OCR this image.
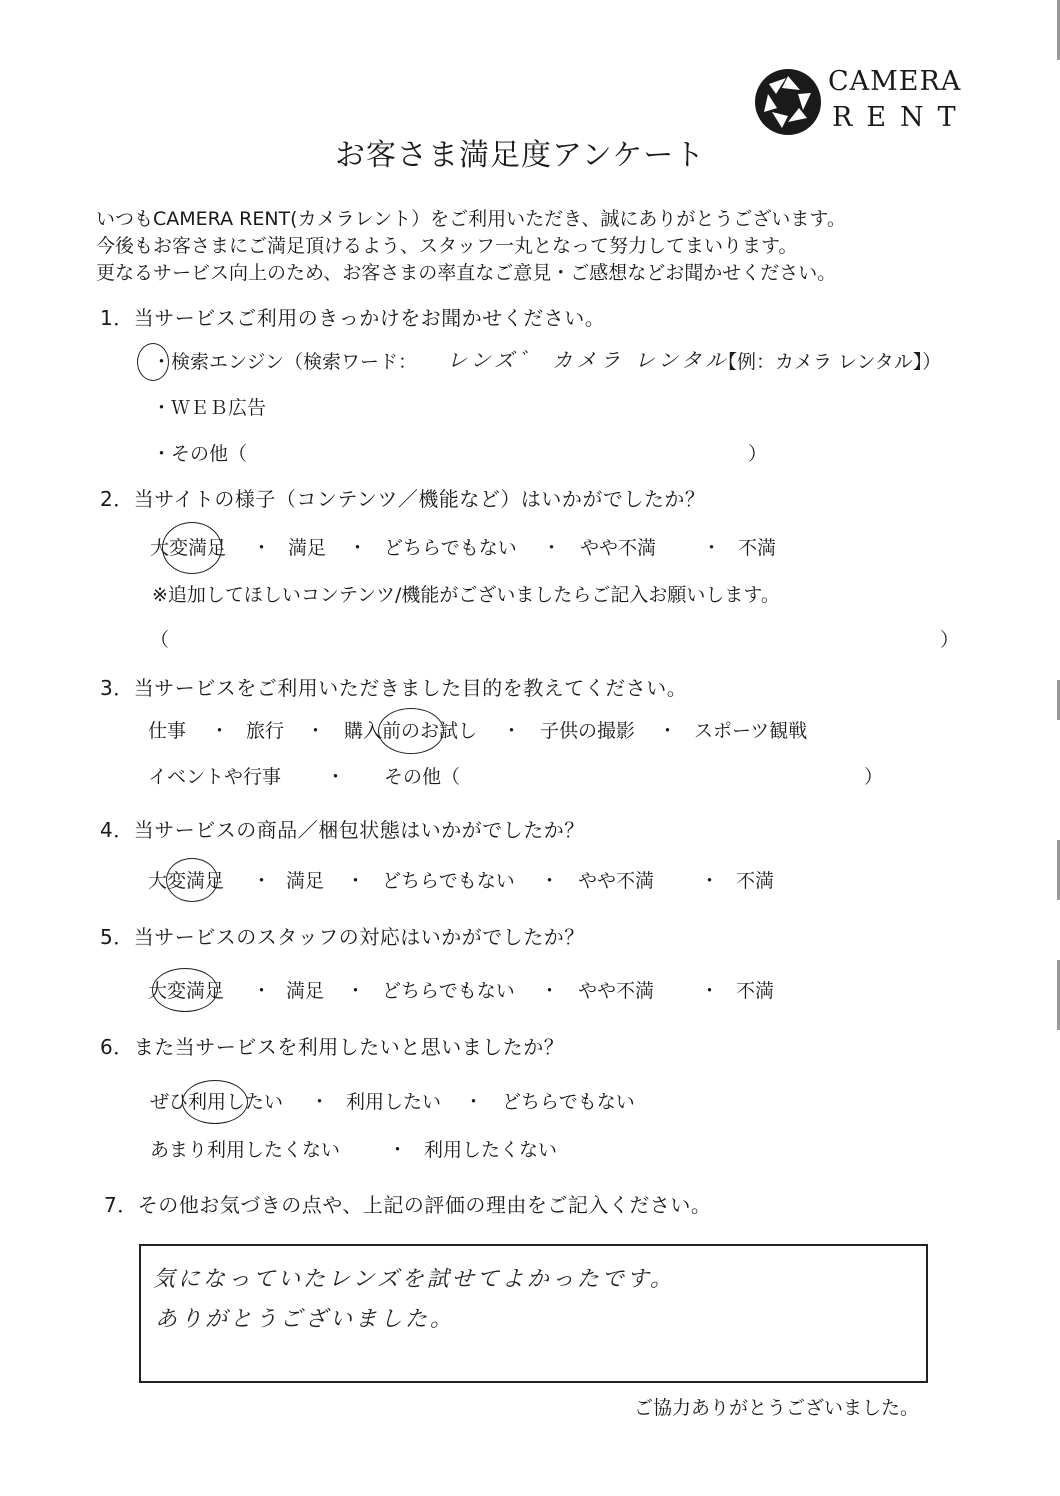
CAMERA
RENT
お客さま満足度アンケート
いつもCAMERA RENT(カメラレント）をご利用いただき、誠にありがとうございます。
今後もお客さまにご満足頂けるよう、スタッフ一丸となって努力してまいります。
更なるサービス向上のため、お客さまの率直なご意見・ご感想などお聞かせください。
1．当サービスご利用のきっかけをお聞かせください。
・検索エンジン（検索ワード： レンズ゛ カメラ レンタル
【例：カメラ レンタル】）
・ＷＥＢ広告
・その他（	）
2．当サイトの様子（コンテンツ／機能など）はいかがでしたか？
大変満足 ・ 満足 ・ どちらでもない ・ やや不満 ・ 不満
※追加してほしいコンテンツ/機能がございましたらご記入お願いします。
（	）
3．当サービスをご利用いただきました目的を教えてください。
仕事 ・ 旅行 ・ 購入前のお試し ・ 子供の撮影 ・ スポーツ観戦
イベントや行事 ・ その他（	）
4．当サービスの商品／梱包状態はいかがでしたか？
大変満足 ・ 満足 ・ どちらでもない ・ やや不満 ・ 不満
5．当サービスのスタッフの対応はいかがでしたか？
大変満足 ・ 満足 ・ どちらでもない ・ やや不満 ・ 不満
6．また当サービスを利用したいと思いましたか？
ぜひ利用したい ・ 利用したい ・ どちらでもない
あまり利用したくない	・ 利用したくない
7．その他お気づきの点や、上記の評価の理由をご記入ください。
気になっていたレンズを試せてよかったです。
ありがとうございました。
ご協力ありがとうございました。
